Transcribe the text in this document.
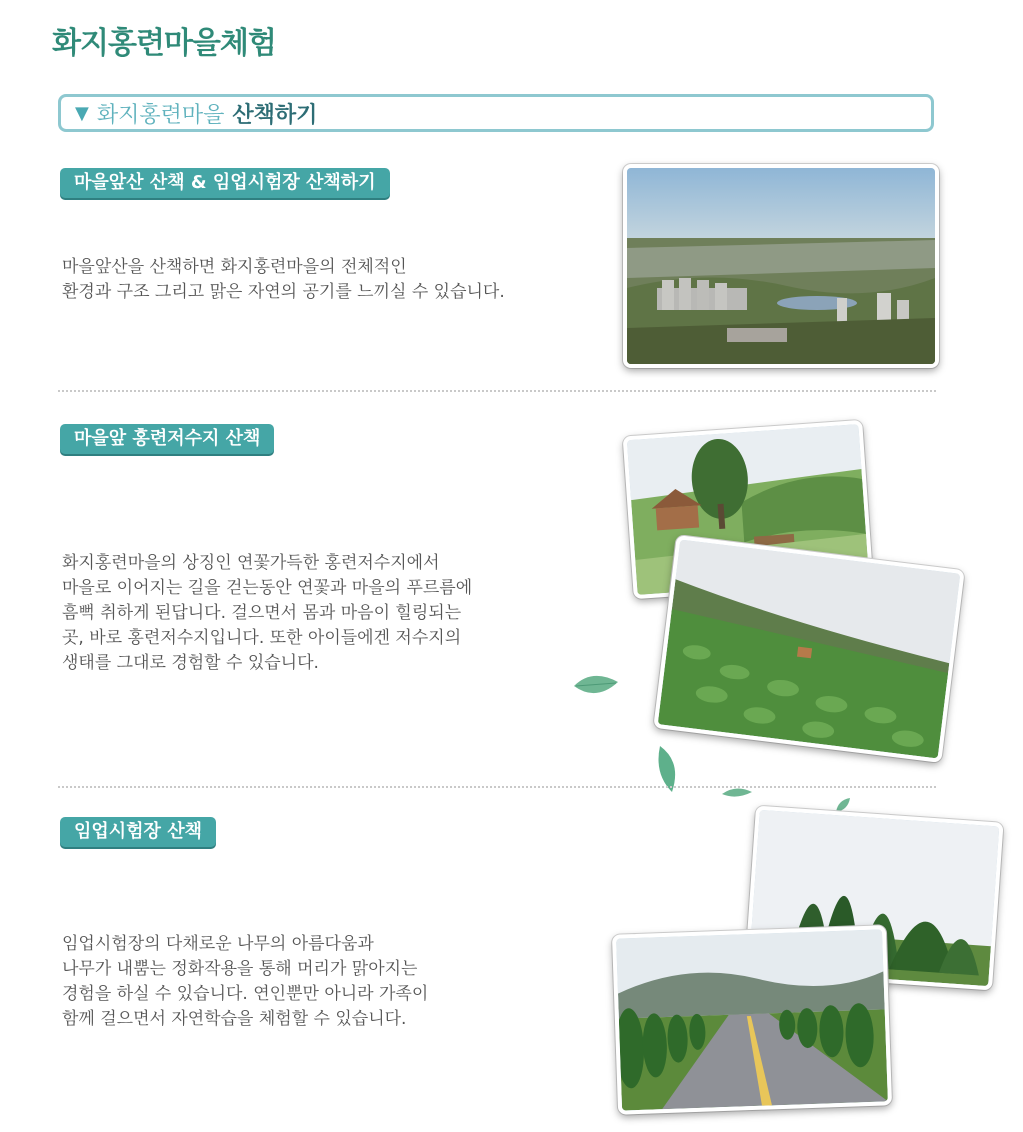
화지홍련마을체험
▼ 화지홍련마을 산책하기
마을앞산 산책 & 임업시험장 산책하기
마을앞산을 산책하면 화지홍련마을의 전체적인
환경과 구조 그리고 맑은 자연의 공기를 느끼실 수 있습니다.
마을앞 홍련저수지 산책
화지홍련마을의 상징인 연꽃가득한 홍련저수지에서
마을로 이어지는 길을 걷는동안 연꽃과 마을의 푸르름에
흠뻑 취하게 된답니다. 걸으면서 몸과 마음이 힐링되는
곳, 바로 홍련저수지입니다. 또한 아이들에겐 저수지의
생태를 그대로 경험할 수 있습니다.
임업시험장 산책
임업시험장의 다채로운 나무의 아름다움과
나무가 내뿜는 정화작용을 통해 머리가 맑아지는
경험을 하실 수 있습니다. 연인뿐만 아니라 가족이
함께 걸으면서 자연학습을 체험할 수 있습니다.
